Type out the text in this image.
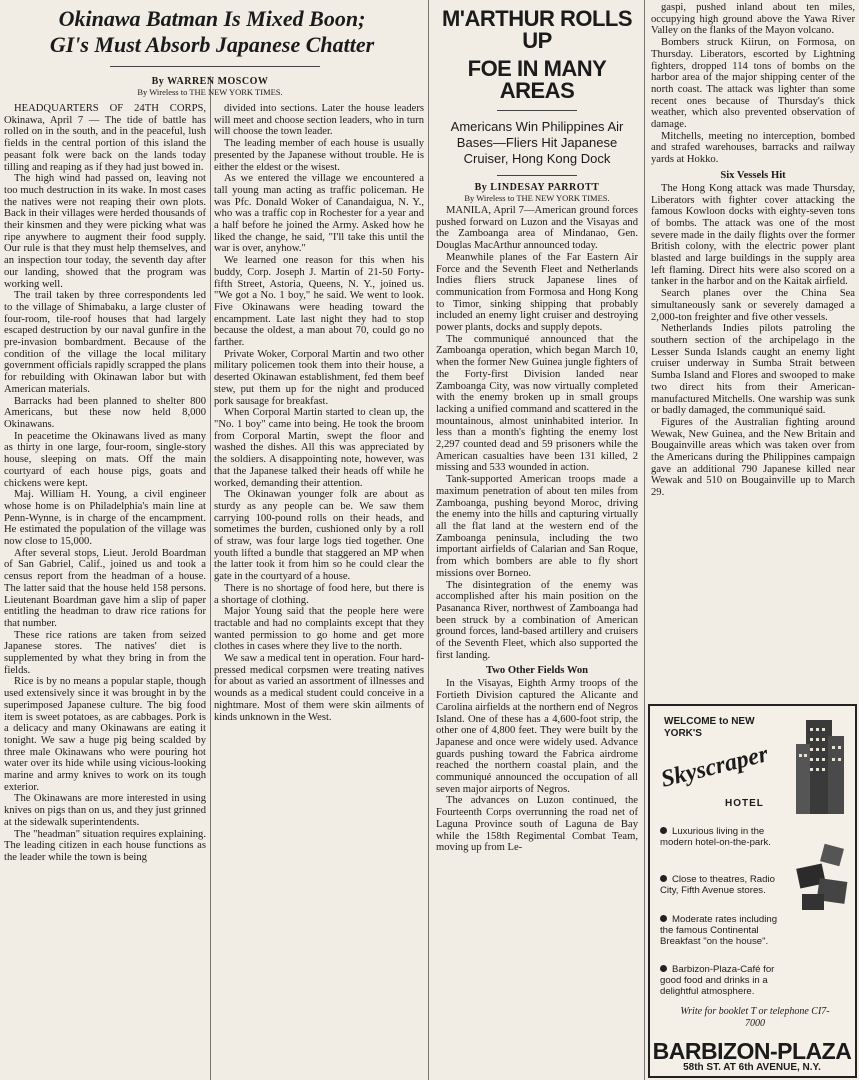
Okinawa Batman Is Mixed Boon;
GI's Must Absorb Japanese Chatter
By WARREN MOSCOW
By Wireless to THE NEW YORK TIMES.

HEADQUARTERS OF 24TH CORPS, Okinawa, April 7 — The tide of battle has rolled on in the south, and in the peaceful, lush fields in the central portion of this island the peasant folk were back on the lands today tilling and reaping as if they had just bowed in.

The high wind had passed on, leaving not too much destruction in its wake. In most cases the natives were not reaping their own plots. Back in their villages were herded thousands of their kinsmen and they were picking what was ripe anywhere to augment their food supply. Our rule is that they must help themselves, and an inspection tour today, the seventh day after our landing, showed that the program was working well.

The trail taken by three correspondents led to the village of Shimabaku, a large cluster of four-room, tile-roof houses that had largely escaped destruction by our naval gunfire in the pre-invasion bombardment. Because of the condition of the village the local military government officials rapidly scrapped the plans for rebuilding with Okinawan labor but with American materials.

Barracks had been planned to shelter 800 Americans, but these now held 8,000 Okinawans.

In peacetime the Okinawans lived as many as thirty in one large, four-room, single-story house, sleeping on mats. Off the main courtyard of each house pigs, goats and chickens were kept.

Maj. William H. Young, a civil engineer whose home is on Philadelphia's main line at Penn-Wynne, is in charge of the encampment. He estimated the population of the village was now close to 15,000.

After several stops, Lieut. Jerold Boardman of San Gabriel, Calif., joined us and took a census report from the headman of a house. The latter said that the house held 158 persons. Lieutenant Boardman gave him a slip of paper entitling the headman to draw rice rations for that number.

These rice rations are taken from seized Japanese stores. The natives' diet is supplemented by what they bring in from the fields.

Rice is by no means a popular staple, though used extensively since it was brought in by the superimposed Japanese culture. The big food item is sweet potatoes, as are cabbages. Pork is a delicacy and many Okinawans are eating it tonight. We saw a huge pig being scalded by three male Okinawans who were pouring hot water over its hide while using vicious-looking marine and army knives to work on its tough exterior.

The Okinawans are more interested in using knives on pigs than on us, and they just grinned at the sidewalk superintendents.

The "headman" situation requires explaining. The leading citizen in each house functions as the leader while the town is being

divided into sections. Later the house leaders will meet and choose section leaders, who in turn will choose the town leader.

The leading member of each house is usually presented by the Japanese without trouble. He is either the eldest or the wisest.

As we entered the village we encountered a tall young man acting as traffic policeman. He was Pfc. Donald Woker of Canandaigua, N. Y., who was a traffic cop in Rochester for a year and a half before he joined the Army. Asked how he liked the change, he said, "I'll take this until the war is over, anyhow."

We learned one reason for this when his buddy, Corp. Joseph J. Martin of 21-50 Forty-fifth Street, Astoria, Queens, N. Y., joined us. "We got a No. 1 boy," he said. We went to look. Five Okinawans were heading toward the encampment. Late last night they had to stop because the oldest, a man about 70, could go no farther.

Private Woker, Corporal Martin and two other military policemen took them into their house, a deserted Okinawan establishment, fed them beef stew, put them up for the night and produced pork sausage for breakfast.

When Corporal Martin started to clean up, the "No. 1 boy" came into being. He took the broom from Corporal Martin, swept the floor and washed the dishes. All this was appreciated by the soldiers. A disappointing note, however, was that the Japanese talked their heads off while he worked, demanding their attention.

The Okinawan younger folk are about as sturdy as any people can be. We saw them carrying 100-pound rolls on their heads, and sometimes the burden, cushioned only by a roll of straw, was four large logs tied together. One youth lifted a bundle that staggered an MP when the latter took it from him so he could clear the gate in the courtyard of a house.

There is no shortage of food here, but there is a shortage of clothing.

Major Young said that the people here were tractable and had no complaints except that they wanted permission to go home and get more clothes in cases where they live to the north.

We saw a medical tent in operation. Four hard-pressed medical corpsmen were treating natives for about as varied an assortment of illnesses and wounds as a medical student could conceive in a nightmare. Most of them were skin ailments of kinds unknown in the West.

M'ARTHUR ROLLS UP
FOE IN MANY AREAS
Americans Win Philippines Air Bases—Fliers Hit Japanese Cruiser, Hong Kong Dock
By LINDESAY PARROTT
By Wireless to THE NEW YORK TIMES.

MANILA, April 7—American ground forces pushed forward on Luzon and the Visayas and the Zamboanga area of Mindanao, Gen. Douglas MacArthur announced today.

Meanwhile planes of the Far Eastern Air Force and the Seventh Fleet and Netherlands Indies fliers struck Japanese lines of communication from Formosa and Hong Kong to Timor, sinking shipping that probably included an enemy light cruiser and destroying power plants, docks and supply depots.

The communiqué announced that the Zamboanga operation, which began March 10, when the former New Guinea jungle fighters of the Forty-first Division landed near Zamboanga City, was now virtually completed with the enemy broken up in small groups lacking a unified command and scattered in the mountainous, almost uninhabited interior. In less than a month's fighting the enemy lost 2,297 counted dead and 59 prisoners while the American casualties have been 131 killed, 2 missing and 533 wounded in action.

Tank-supported American troops made a maximum penetration of about ten miles from Zamboanga, pushing beyond Moroc, driving the enemy into the hills and capturing virtually all the flat land at the western end of the Zamboanga peninsula, including the two important airfields of Calarian and San Roque, from which bombers are able to fly short missions over Borneo.

The disintegration of the enemy was accomplished after his main position on the Pasananca River, northwest of Zamboanga had been struck by a combination of American ground forces, land-based artillery and cruisers of the Seventh Fleet, which also supported the first landing.

Two Other Fields Won

In the Visayas, Eighth Army troops of the Fortieth Division captured the Alicante and Carolina airfields at the northern end of Negros Island. One of these has a 4,600-foot strip, the other one of 4,800 feet. They were built by the Japanese and once were widely used. Advance guards pushing toward the Fabrica airdrome reached the northern coastal plain, and the communiqué announced the occupation of all seven major airports of Negros.

The advances on Luzon continued, the Fourteenth Corps overrunning the road net of Laguna Province south of Laguna de Bay while the 158th Regimental Combat Team, moving up from Le-

gaspi, pushed inland about ten miles, occupying high ground above the Yawa River Valley on the flanks of the Mayon volcano.

Bombers struck Kiirun, on Formosa, on Thursday. Liberators, escorted by Lightning fighters, dropped 114 tons of bombs on the harbor area of the major shipping center of the north coast. The attack was lighter than some recent ones because of Thursday's thick weather, which also prevented observation of damage.

Mitchells, meeting no interception, bombed and strafed warehouses, barracks and railway yards at Hokko.

Six Vessels Hit

The Hong Kong attack was made Thursday, Liberators with fighter cover attacking the famous Kowloon docks with eighty-seven tons of bombs. The attack was one of the most severe made in the daily flights over the former British colony, with the electric power plant blasted and large buildings in the supply area left flaming. Direct hits were also scored on a tanker in the harbor and on the Kaitak airfield.

Search planes over the China Sea simultaneously sank or severely damaged a 2,000-ton freighter and five other vessels.

Netherlands Indies pilots patroling the southern section of the archipelago in the Lesser Sunda Islands caught an enemy light cruiser underway in Sumba Strait between Sumba Island and Flores and swooped to make two direct hits from their American-manufactured Mitchells. One warship was sunk or badly damaged, the communiqué said.

Figures of the Australian fighting around Wewak, New Guinea, and the New Britain and Bougainville areas which was taken over from the Americans during the Philippines campaign gave an additional 790 Japanese killed near Wewak and 510 on Bougainville up to March 29.

WELCOME to NEW YORK'S
Skyscraper
HOTEL
Luxurious living in the modern hotel-on-the-park.
Close to theatres, Radio City, Fifth Avenue stores.
Moderate rates including the famous Continental Breakfast "on the house".
Barbizon-Plaza-Café for good food and drinks in a delightful atmosphere.
Write for booklet T or telephone CI7-7000
BARBIZON-PLAZA
58th ST. AT 6th AVENUE, N.Y.
